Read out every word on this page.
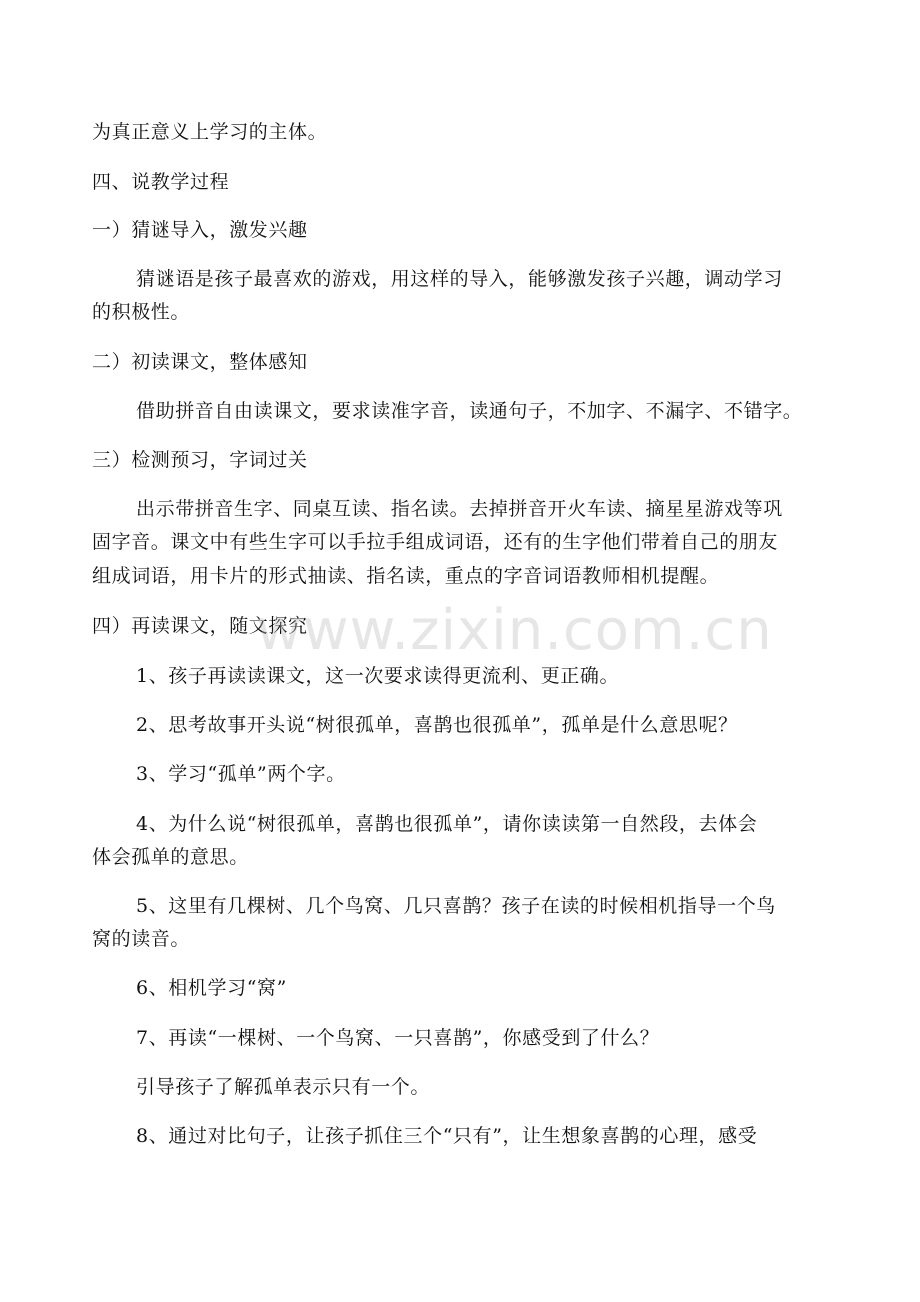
为真正意义上学习的主体。
四、说教学过程
一）猜谜导入，激发兴趣
猜谜语是孩子最喜欢的游戏，用这样的导入，能够激发孩子兴趣，调动学习
的积极性。
二）初读课文，整体感知
借助拼音自由读课文，要求读准字音，读通句子，不加字、不漏字、不错字。
三）检测预习，字词过关
出示带拼音生字、同桌互读、指名读。去掉拼音开火车读、摘星星游戏等巩
固字音。课文中有些生字可以手拉手组成词语，还有的生字他们带着自己的朋友
组成词语，用卡片的形式抽读、指名读，重点的字音词语教师相机提醒。
四）再读课文，随文探究
1、孩子再读读课文，这一次要求读得更流利、更正确。
2、思考故事开头说“树很孤单，喜鹊也很孤单”，孤单是什么意思呢？
3、学习“孤单”两个字。
4、为什么说“树很孤单，喜鹊也很孤单”，请你读读第一自然段，去体会
体会孤单的意思。
5、这里有几棵树、几个鸟窝、几只喜鹊？孩子在读的时候相机指导一个鸟
窝的读音。
6、相机学习“窝”
7、再读“一棵树、一个鸟窝、一只喜鹊”，你感受到了什么？
引导孩子了解孤单表示只有一个。
8、通过对比句子，让孩子抓住三个“只有”，让生想象喜鹊的心理，感受
www.zixin.com.cn
